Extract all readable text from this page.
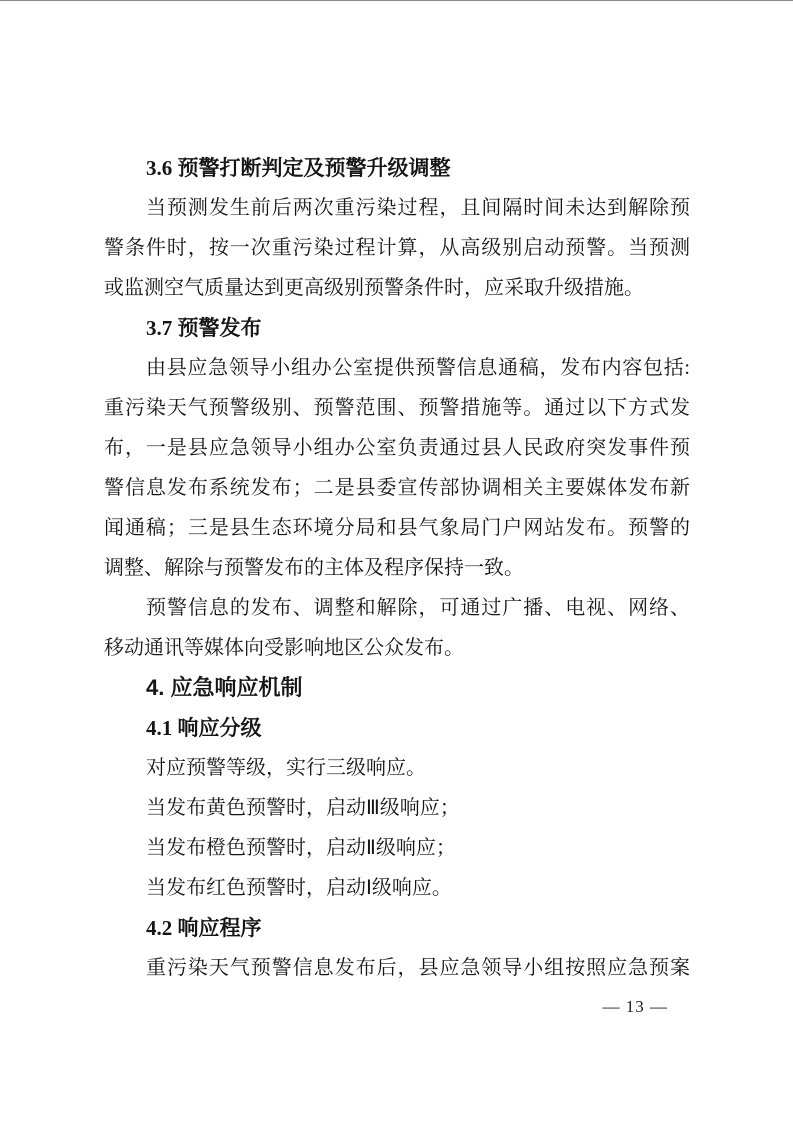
3.6 预警打断判定及预警升级调整
当预测发生前后两次重污染过程，且间隔时间未达到解除预
警条件时，按一次重污染过程计算，从高级别启动预警。当预测
或监测空气质量达到更高级别预警条件时，应采取升级措施。
3.7 预警发布
由县应急领导小组办公室提供预警信息通稿，发布内容包括:
重污染天气预警级别、预警范围、预警措施等。通过以下方式发
布，一是县应急领导小组办公室负责通过县人民政府突发事件预
警信息发布系统发布；二是县委宣传部协调相关主要媒体发布新
闻通稿；三是县生态环境分局和县气象局门户网站发布。预警的
调整、解除与预警发布的主体及程序保持一致。
预警信息的发布、调整和解除，可通过广播、电视、网络、
移动通讯等媒体向受影响地区公众发布。
4. 应急响应机制
4.1 响应分级
对应预警等级，实行三级响应。
当发布黄色预警时，启动Ⅲ级响应；
当发布橙色预警时，启动Ⅱ级响应；
当发布红色预警时，启动Ⅰ级响应。
4.2 响应程序
重污染天气预警信息发布后，县应急领导小组按照应急预案
— 13 —
